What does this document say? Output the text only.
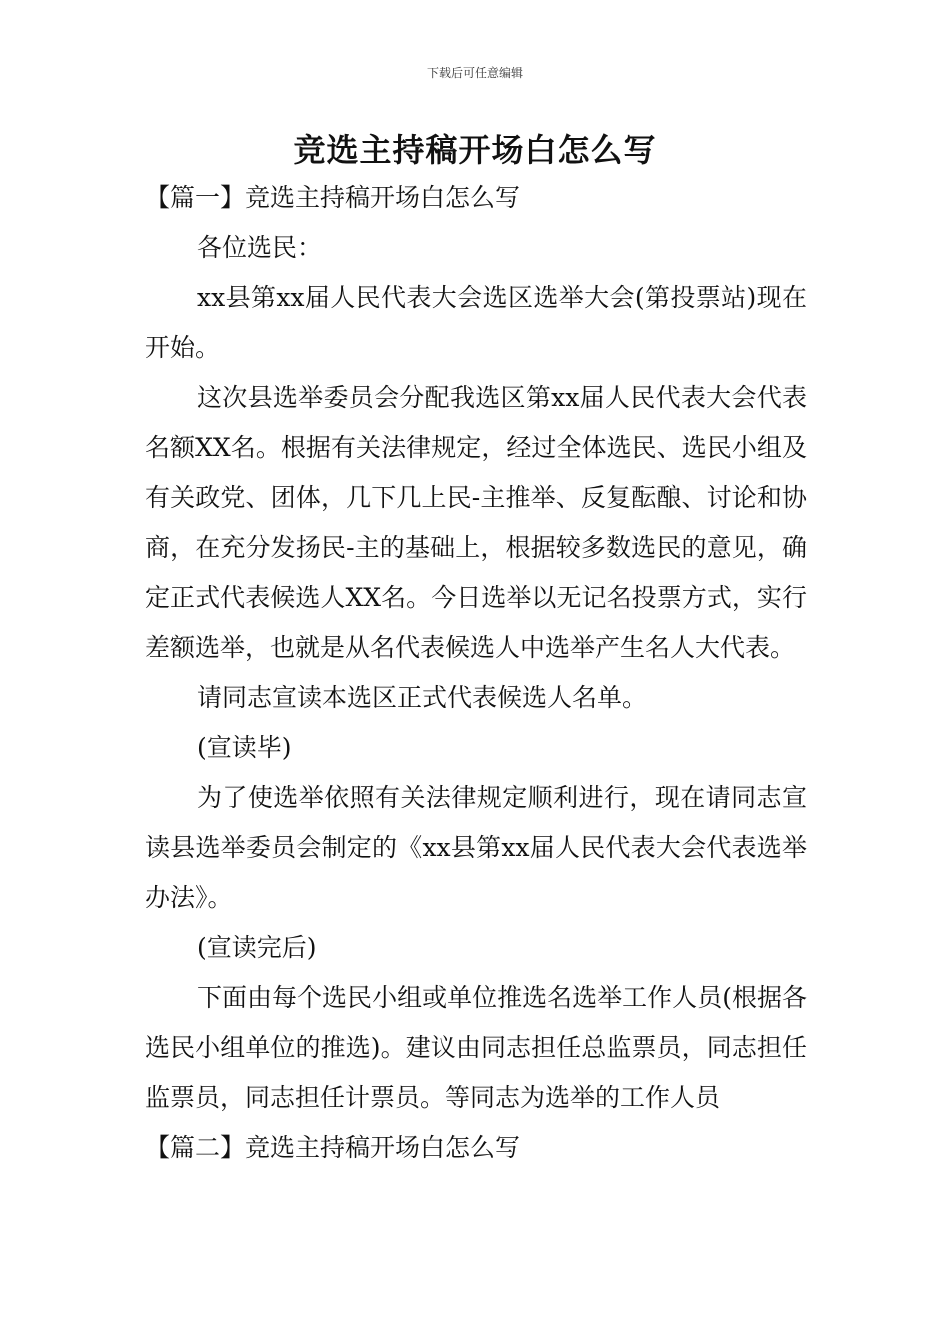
下载后可任意编辑
竞选主持稿开场白怎么写

【篇一】竞选主持稿开场白怎么写

各位选民：

xx县第xx届人民代表大会选区选举大会(第投票站)现在开始。

这次县选举委员会分配我选区第xx届人民代表大会代表名额XX名。根据有关法律规定，经过全体选民、选民小组及有关政党、团体，几下几上民-主推举、反复酝酿、讨论和协商，在充分发扬民-主的基础上，根据较多数选民的意见，确定正式代表候选人XX名。今日选举以无记名投票方式，实行差额选举，也就是从名代表候选人中选举产生名人大代表。

请同志宣读本选区正式代表候选人名单。

(宣读毕)

为了使选举依照有关法律规定顺利进行，现在请同志宣读县选举委员会制定的《xx县第xx届人民代表大会代表选举办法》。

(宣读完后)

下面由每个选民小组或单位推选名选举工作人员(根据各选民小组单位的推选)。建议由同志担任总监票员，同志担任监票员，同志担任计票员。等同志为选举的工作人员

【篇二】竞选主持稿开场白怎么写
